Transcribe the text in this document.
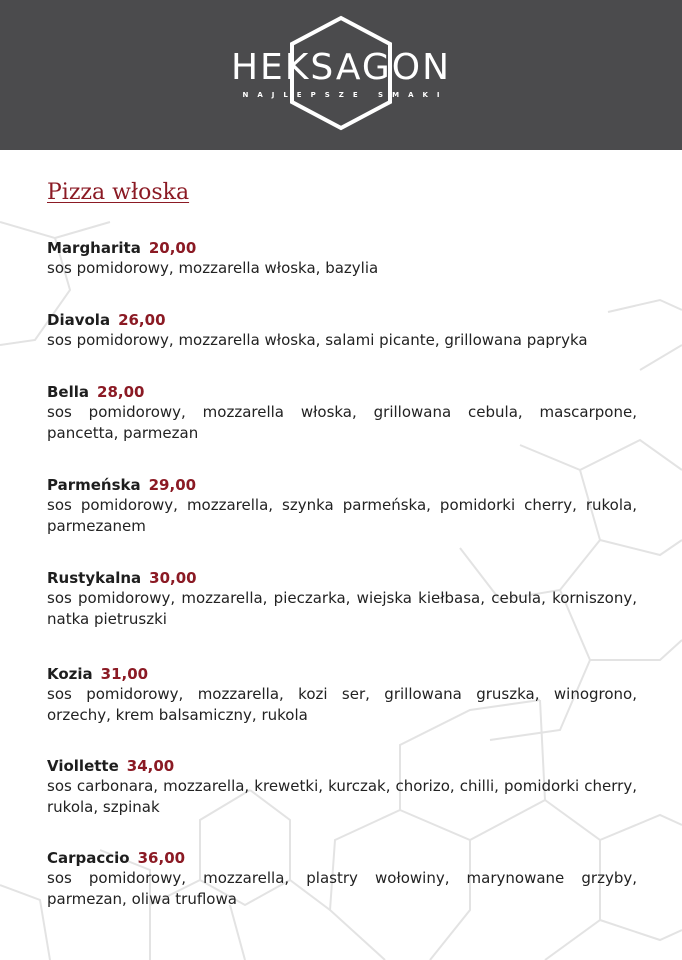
HEKSAGON
NAJLEPSZE SMAKI
Pizza włoska
Margharita 20,00
sos pomidorowy, mozzarella włoska, bazylia
Diavola 26,00
sos pomidorowy, mozzarella włoska, salami picante, grillowana papryka
Bella 28,00
sos pomidorowy, mozzarella włoska, grillowana cebula, mascarpone, pancetta, parmezan
Parmeńska 29,00
sos pomidorowy, mozzarella, szynka parmeńska, pomidorki cherry, rukola, parmezanem
Rustykalna 30,00
sos pomidorowy, mozzarella, pieczarka, wiejska kiełbasa, cebula, korniszony, natka pietruszki
Kozia 31,00
sos pomidorowy, mozzarella, kozi ser, grillowana gruszka, winogrono, orzechy, krem balsamiczny, rukola
Viollette 34,00
sos carbonara, mozzarella, krewetki, kurczak, chorizo, chilli, pomidorki cherry, rukola, szpinak
Carpaccio 36,00
sos pomidorowy, mozzarella, plastry wołowiny, marynowane grzyby, parmezan, oliwa truflowa
